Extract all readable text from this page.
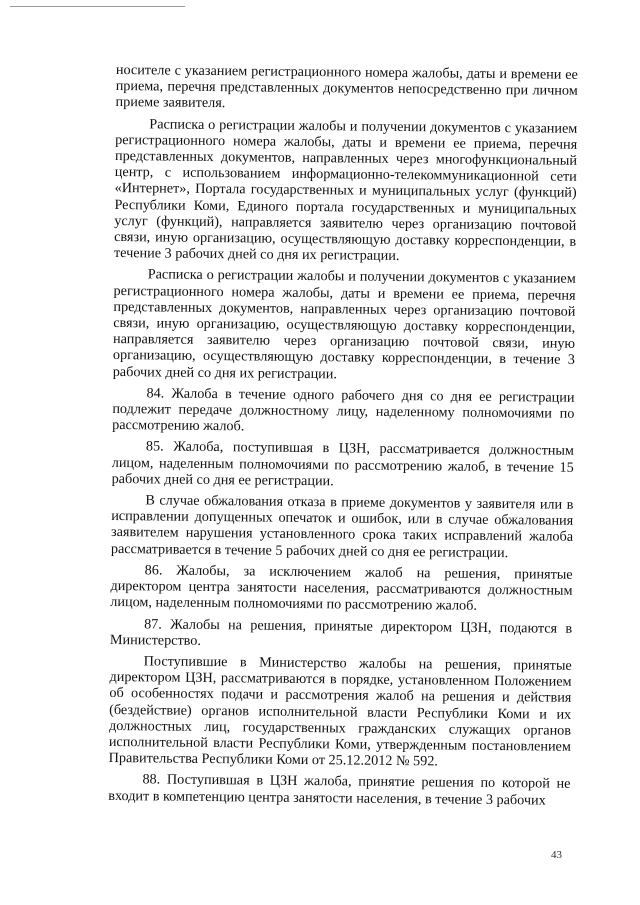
носителе с указанием регистрационного номера жалобы, даты и времени ее приема, перечня представленных документов непосредственно при личном приеме заявителя.

Расписка о регистрации жалобы и получении документов с указанием регистрационного номера жалобы, даты и времени ее приема, перечня представленных документов, направленных через многофункциональный центр, с использованием информационно-телекоммуникационной сети «Интернет», Портала государственных и муниципальных услуг (функций) Республики Коми, Единого портала государственных и муниципальных услуг (функций), направляется заявителю через организацию почтовой связи, иную организацию, осуществляющую доставку корреспонденции, в течение 3 рабочих дней со дня их регистрации.

Расписка о регистрации жалобы и получении документов с указанием регистрационного номера жалобы, даты и времени ее приема, перечня представленных документов, направленных через организацию почтовой связи, иную организацию, осуществляющую доставку корреспонденции, направляется заявителю через организацию почтовой связи, иную организацию, осуществляющую доставку корреспонденции, в течение 3 рабочих дней со дня их регистрации.

84. Жалоба в течение одного рабочего дня со дня ее регистрации подлежит передаче должностному лицу, наделенному полномочиями по рассмотрению жалоб.

85. Жалоба, поступившая в ЦЗН, рассматривается должностным лицом, наделенным полномочиями по рассмотрению жалоб, в течение 15 рабочих дней со дня ее регистрации.

В случае обжалования отказа в приеме документов у заявителя или в исправлении допущенных опечаток и ошибок, или в случае обжалования заявителем нарушения установленного срока таких исправлений жалоба рассматривается в течение 5 рабочих дней со дня ее регистрации.

86. Жалобы, за исключением жалоб на решения, принятые директором центра занятости населения, рассматриваются должностным лицом, наделенным полномочиями по рассмотрению жалоб.

87. Жалобы на решения, принятые директором ЦЗН, подаются в Министерство.

Поступившие в Министерство жалобы на решения, принятые директором ЦЗН, рассматриваются в порядке, установленном Положением об особенностях подачи и рассмотрения жалоб на решения и действия (бездействие) органов исполнительной власти Республики Коми и их должностных лиц, государственных гражданских служащих органов исполнительной власти Республики Коми, утвержденным постановлением Правительства Республики Коми от 25.12.2012 № 592.

88. Поступившая в ЦЗН жалоба, принятие решения по которой не входит в компетенцию центра занятости населения, в течение 3 рабочих

43
